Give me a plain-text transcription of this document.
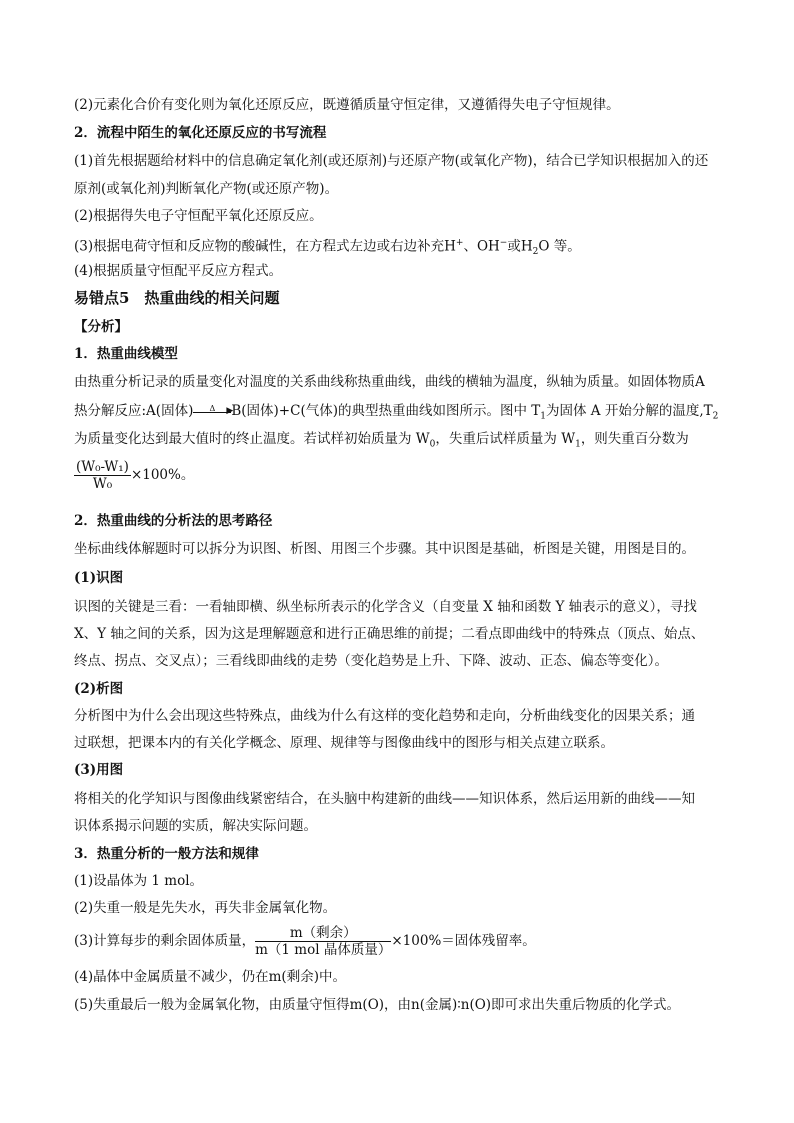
(2)元素化合价有变化则为氧化还原反应，既遵循质量守恒定律，又遵循得失电子守恒规律。
2．流程中陌生的氧化还原反应的书写流程
(1)首先根据题给材料中的信息确定氧化剂(或还原剂)与还原产物(或氧化产物)，结合已学知识根据加入的还
原剂(或氧化剂)判断氧化产物(或还原产物)。
(2)根据得失电子守恒配平氧化还原反应。
(3)根据电荷守恒和反应物的酸碱性，在方程式左边或右边补充H+、OH−或$H_2O$ 等。
(4)根据质量守恒配平反应方程式。
易错点5　热重曲线的相关问题
【分析】
1．热重曲线模型
由热重分析记录的质量变化对温度的关系曲线称热重曲线，曲线的横轴为温度，纵轴为质量。如固体物质A
热分解反应:A(固体)	Δ	▶
B(固体)+C(气体)的典型热重曲线如图所示。图中 $T_1$为固体 A 开始分解的温度$,T_2$
为质量变化达到最大值时的终止温度。若试样初始质量为 $W_0$，失重后试样质量为 $W_1$，则失重百分数为
$\frac{\text{(W₀-W₁)}}{\text{W₀}} \times 100\%$。
2．热重曲线的分析法的思考路径
坐标曲线体解题时可以拆分为识图、析图、用图三个步骤。其中识图是基础，析图是关键，用图是目的。
(1)识图
识图的关键是三看：一看轴即横、纵坐标所表示的化学含义（自变量 X 轴和函数 Y 轴表示的意义），寻找
X、Y 轴之间的关系，因为这是理解题意和进行正确思维的前提；二看点即曲线中的特殊点（顶点、始点、
终点、拐点、交叉点）；三看线即曲线的走势（变化趋势是上升、下降、波动、正态、偏态等变化）。
(2)析图
分析图中为什么会出现这些特殊点，曲线为什么有这样的变化趋势和走向，分析曲线变化的因果关系；通
过联想，把课本内的有关化学概念、原理、规律等与图像曲线中的图形与相关点建立联系。
(3)用图
将相关的化学知识与图像曲线紧密结合，在头脑中构建新的曲线——知识体系，然后运用新的曲线——知
识体系揭示问题的实质，解决实际问题。
3．热重分析的一般方法和规律
(1)设晶体为 1 mol。
(2)失重一般是先失水，再失非金属氧化物。
(3)计算每步的剩余固体质量， $\frac{\text{m（剩余）}}{\text{m（1 mol 晶体质量）}} \times 100\%=$固体残留率。
(4)晶体中金属质量不减少，仍在m(剩余)中。
(5)失重最后一般为金属氧化物，由质量守恒得m(O)，由n(金属)∶n(O)即可求出失重后物质的化学式。
